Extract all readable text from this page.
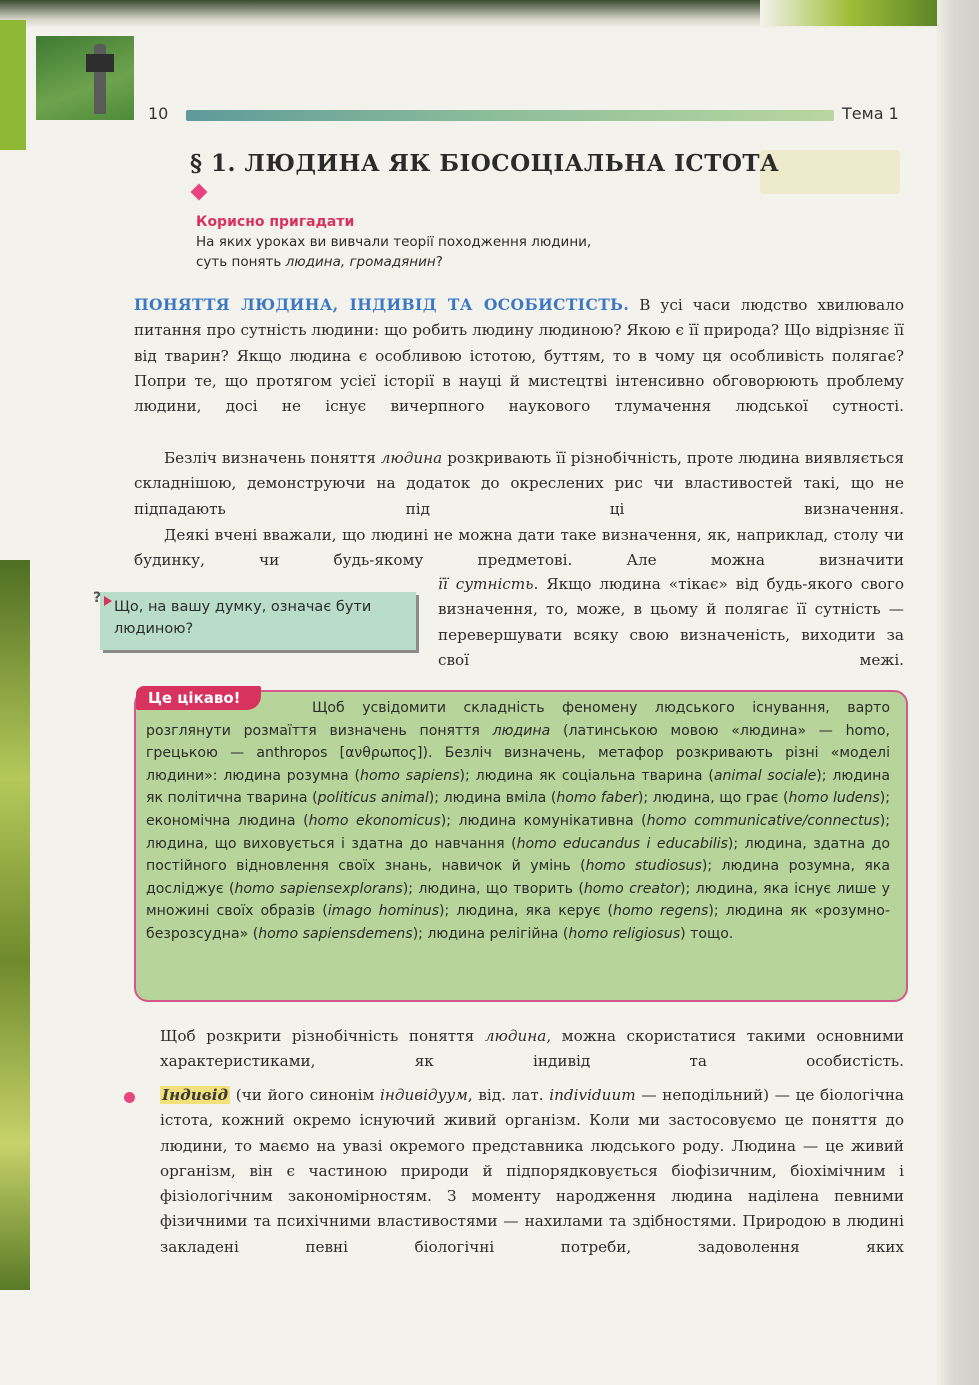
10	Тема 1
§ 1. ЛЮДИНА ЯК БІОСОЦІАЛЬНА ІСТОТА
Корисно пригадати
На яких уроках ви вивчали теорії походження людини,
суть понять людина, громадянин?
ПОНЯТТЯ ЛЮДИНА, ІНДИВІД ТА ОСОБИСТІСТЬ. В усі часи людство хвилювало питання про сутність людини: що робить людину людиною? Якою є її природа? Що відрізняє її від тварин? Якщо людина є особливою істотою, буттям, то в чому ця особливість полягає? Попри те, що протягом усієї історії в науці й мистецтві інтенсивно обговорюють проблему людини, досі не існує вичерпного наукового тлумачення людської сутності.
Безліч визначень поняття людина розкривають її різнобічність, проте людина виявляється складнішою, демонструючи на додаток до окреслених рис чи властивостей такі, що не підпадають під ці визначення.
Деякі вчені вважали, що людині не можна дати таке визначення, як, наприклад, столу чи будинку, чи будь-якому предметові. Але можна визначити
її сутність. Якщо людина «тікає» від будь-якого свого визначення, то, може, в цьому й полягає її сутність — перевершувати всяку свою визначеність, виходити за свої межі.
?
Що, на вашу думку, означає бути людиною?
Це цікаво!
Щоб усвідомити складність феномену людського існування, варто розглянути розмаїття визначень поняття людина (латинською мовою «людина» — homo, грецькою — anthropos [ανθρωπος]). Безліч визначень, метафор розкривають різні «моделі людини»: людина розумна (homo sapiens); людина як соціальна тварина (animal sociale); людина як політична тварина (politicus animal); людина вміла (homo faber); людина, що грає (homo ludens); економічна людина (homo ekonomicus); людина комунікативна (homo communicative/connectus); людина, що виховується і здатна до навчання (homo educandus і educabilis); людина, здатна до постійного відновлення своїх знань, навичок й умінь (homo studiosus); людина розумна, яка досліджує (homo sapiensexplorans); людина, що творить (homo creator); людина, яка існує лише у множині своїх образів (imago hominus); людина, яка керує (homo regens); людина як «розумно-безрозсудна» (homo sapiensdemens); людина релігійна (homo religiosus) тощо.
Щоб розкрити різнобічність поняття людина, можна скористатися такими основними характеристиками, як індивід та особистість.
Індивід (чи його синонім індивідуум, від. лат. individuum — неподільний) — це біологічна істота, кожний окремо існуючий живий організм. Коли ми застосовуємо це поняття до людини, то маємо на увазі окремого представника людського роду. Людина — це живий організм, він є частиною природи й підпорядковується біофізичним, біохімічним і фізіологічним закономірностям. З моменту народження людина наділена певними фізичними та психічними властивостями — нахилами та здібностями. Природою в людині закладені певні біологічні потреби, задоволення яких
